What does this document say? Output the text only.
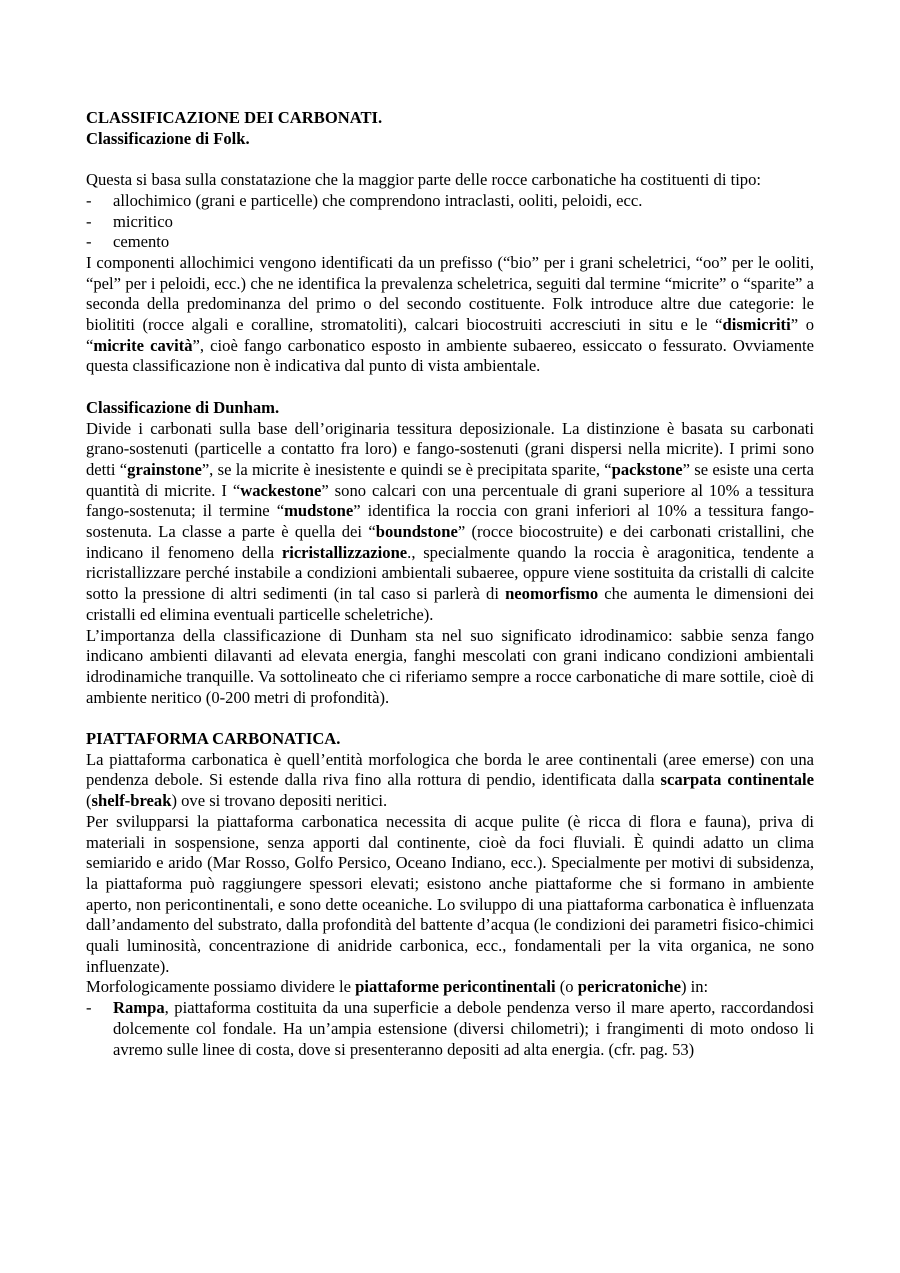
CLASSIFICAZIONE DEI CARBONATI.

Classificazione di Folk.

Questa si basa sulla constatazione che la maggior parte delle rocce carbonatiche ha costituenti di tipo:

-	allochimico (grani e particelle) che comprendono intraclasti, ooliti, peloidi, ecc.
-	micritico
-	cemento

I componenti allochimici vengono identificati da un prefisso (“bio” per i grani scheletrici, “oo” per le ooliti, “pel” per i peloidi, ecc.) che ne identifica la prevalenza scheletrica, seguiti dal termine “micrite” o “sparite” a seconda della predominanza del primo o del secondo costituente. Folk introduce altre due categorie: le biolititi (rocce algali e coralline, stromatoliti), calcari biocostruiti accresciuti in situ e le “dismicriti” o “micrite cavità”, cioè fango carbonatico esposto in ambiente subaereo, essiccato o fessurato. Ovviamente questa classificazione non è indicativa dal punto di vista ambientale.

Classificazione di Dunham.

Divide i carbonati sulla base dell’originaria tessitura deposizionale. La distinzione è basata su carbonati grano-sostenuti (particelle a contatto fra loro) e fango-sostenuti (grani dispersi nella micrite). I primi sono detti “grainstone”, se la micrite è inesistente e quindi se è precipitata sparite, “packstone” se esiste una certa quantità di micrite. I “wackestone” sono calcari con una percentuale di grani superiore al 10% a tessitura fango-sostenuta; il termine “mudstone” identifica la roccia con grani inferiori al 10% a tessitura fango-sostenuta. La classe a parte è quella dei “boundstone” (rocce biocostruite) e dei carbonati cristallini, che indicano il fenomeno della ricristallizzazione., specialmente quando la roccia è aragonitica, tendente a ricristallizzare perché instabile a condizioni ambientali subaeree, oppure viene sostituita da cristalli di calcite sotto la pressione di altri sedimenti (in tal caso si parlerà di neomorfismo che aumenta le dimensioni dei cristalli ed elimina eventuali particelle scheletriche).

L’importanza della classificazione di Dunham sta nel suo significato idrodinamico: sabbie senza fango indicano ambienti dilavanti ad elevata energia, fanghi mescolati con grani indicano condizioni ambientali idrodinamiche tranquille. Va sottolineato che ci riferiamo sempre a rocce carbonatiche di mare sottile, cioè di ambiente neritico (0-200 metri di profondità).

PIATTAFORMA CARBONATICA.

La piattaforma carbonatica è quell’entità morfologica che borda le aree continentali (aree emerse) con una pendenza debole. Si estende dalla riva fino alla rottura di pendio, identificata dalla scarpata continentale (shelf-break) ove si trovano depositi neritici.

Per svilupparsi la piattaforma carbonatica necessita di acque pulite (è ricca di flora e fauna), priva di materiali in sospensione, senza apporti dal continente, cioè da foci fluviali. È quindi adatto un clima semiarido e arido (Mar Rosso, Golfo Persico, Oceano Indiano, ecc.). Specialmente per motivi di subsidenza, la piattaforma può raggiungere spessori elevati; esistono anche piattaforme che si formano in ambiente aperto, non pericontinentali, e sono dette oceaniche. Lo sviluppo di una piattaforma carbonatica è influenzata dall’andamento del substrato, dalla profondità del battente d’acqua (le condizioni dei parametri fisico-chimici quali luminosità, concentrazione di anidride carbonica, ecc., fondamentali per la vita organica, ne sono influenzate).

Morfologicamente possiamo dividere le piattaforme pericontinentali (o pericratoniche) in:

-	Rampa, piattaforma costituita da una superficie a debole pendenza verso il mare aperto, raccordandosi dolcemente col fondale. Ha un’ampia estensione (diversi chilometri); i frangimenti di moto ondoso li avremo sulle linee di costa, dove si presenteranno depositi ad alta energia. (cfr. pag. 53)
